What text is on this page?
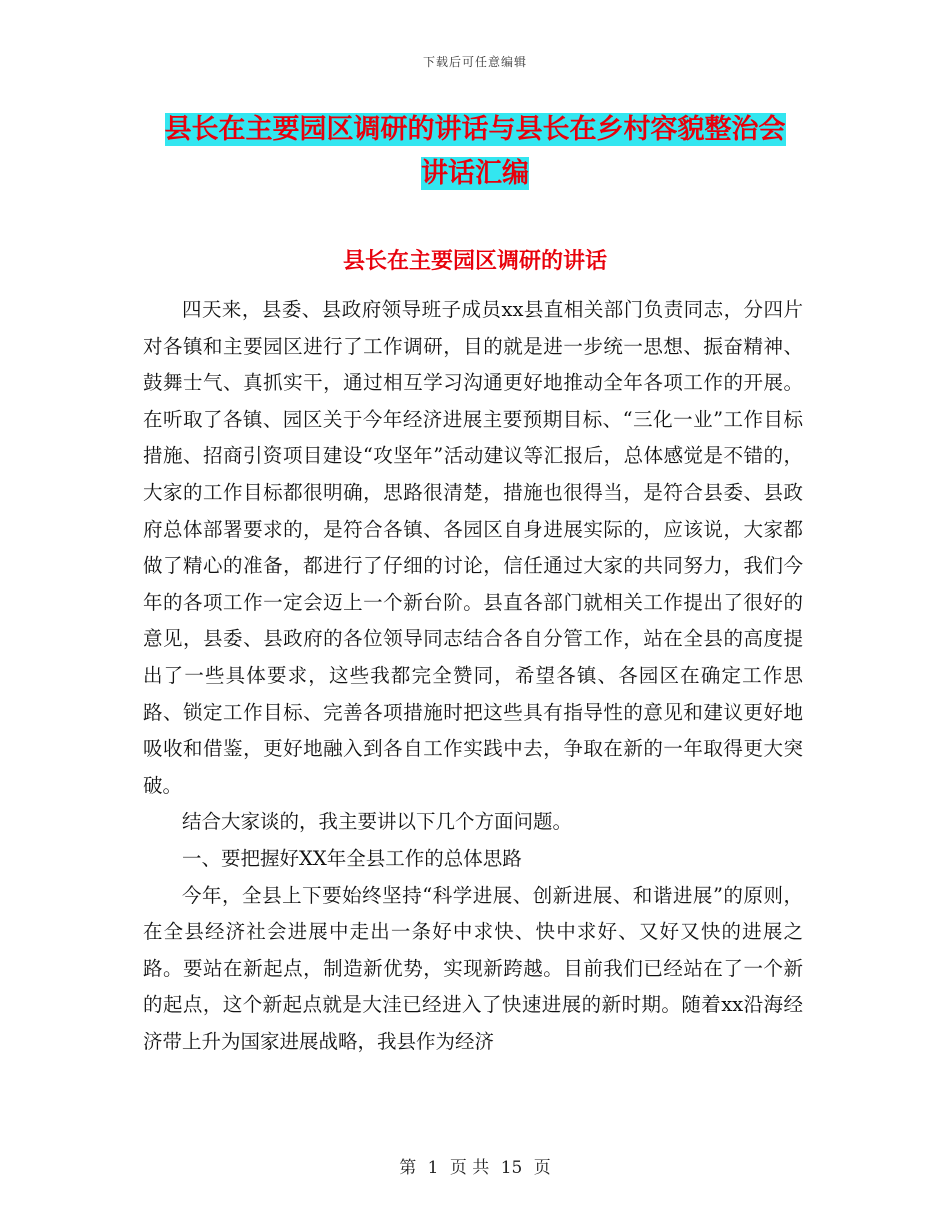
下载后可任意编辑
县长在主要园区调研的讲话与县长在乡村容貌整治会
讲话汇编
县长在主要园区调研的讲话

四天来，县委、县政府领导班子成员xx县直相关部门负责同志，分四片对各镇和主要园区进行了工作调研，目的就是进一步统一思想、振奋精神、鼓舞士气、真抓实干，通过相互学习沟通更好地推动全年各项工作的开展。在听取了各镇、园区关于今年经济进展主要预期目标、“三化一业”工作目标措施、招商引资项目建设“攻坚年”活动建议等汇报后，总体感觉是不错的，大家的工作目标都很明确，思路很清楚，措施也很得当，是符合县委、县政府总体部署要求的，是符合各镇、各园区自身进展实际的，应该说，大家都做了精心的准备，都进行了仔细的讨论，信任通过大家的共同努力，我们今年的各项工作一定会迈上一个新台阶。县直各部门就相关工作提出了很好的意见，县委、县政府的各位领导同志结合各自分管工作，站在全县的高度提出了一些具体要求，这些我都完全赞同，希望各镇、各园区在确定工作思路、锁定工作目标、完善各项措施时把这些具有指导性的意见和建议更好地吸收和借鉴，更好地融入到各自工作实践中去，争取在新的一年取得更大突破。

结合大家谈的，我主要讲以下几个方面问题。

一、要把握好XX年全县工作的总体思路

今年，全县上下要始终坚持“科学进展、创新进展、和谐进展”的原则，在全县经济社会进展中走出一条好中求快、快中求好、又好又快的进展之路。要站在新起点，制造新优势，实现新跨越。目前我们已经站在了一个新的起点，这个新起点就是大洼已经进入了快速进展的新时期。随着xx沿海经济带上升为国家进展战略，我县作为经济

第 1 页 共 15 页
